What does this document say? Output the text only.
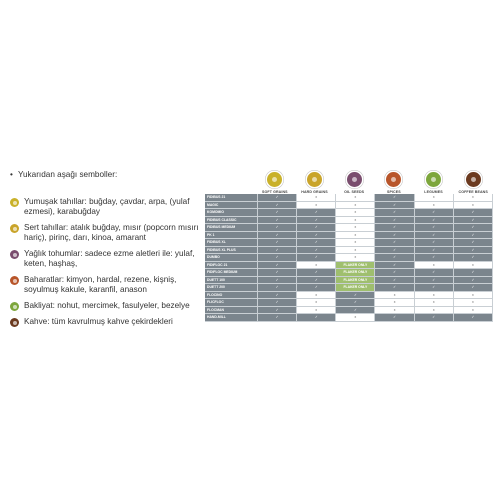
• Yukarıdan aşağı semboller:
Yumuşak tahıllar: buğday, çavdar, arpa, (yulaf ezmesi), karabuğday
Sert tahıllar: atalık buğday, mısır (popcorn mısırı hariç), pirinç, darı, kinoa, amarant
Yağlık tohumlar: sadece ezme aletleri ile: yulaf, keten, haşhaş,
Baharatlar: kimyon, hardal, rezene, kişniş, soyulmuş kakule, karanfil, anason
Bakliyat: nohut, mercimek, fasulyeler, bezelye
Kahve: tüm kavrulmuş kahve çekirdekleri
SOFT GRAINS	HARD GRAINS	OIL SEEDS	SPICES	LEGUMES	COFFEE BEANS
FIDIBUS 21	✓	x	x	✓	x	x
MAGIC	✓	x	x	✓	x	x
KOMOMIO	✓	✓	x	✓	✓	✓
FIDIBUS CLASSIC	✓	✓	x	✓	✓	✓
FIDIBUS MEDIUM	✓	✓	x	✓	✓	✓
PK 1	✓	✓	x	✓	✓	✓
FIDIBUS XL	✓	✓	x	✓	✓	✓
FIDIBUS XL PLUS	✓	✓	x	✓	✓	✓
DUMBO	✓	✓	x	✓	✓	✓
FIDIFLOC 21	✓	x	FLAKER ONLY	✓	x	x
FIDIFLOC MEDIUM	✓	✓	FLAKER ONLY	✓	✓	✓
DUETT 100	✓	✓	FLAKER ONLY	✓	✓	✓
DUETT 200	✓	✓	FLAKER ONLY	✓	✓	✓
FLOCINO	✓	x	✓	x	x	x
FLICFLOC	✓	x	✓	x	x	x
FLOCMAN	✓	x	✓	x	x	x
HAND-MILL	✓	✓	x	✓	✓	✓
